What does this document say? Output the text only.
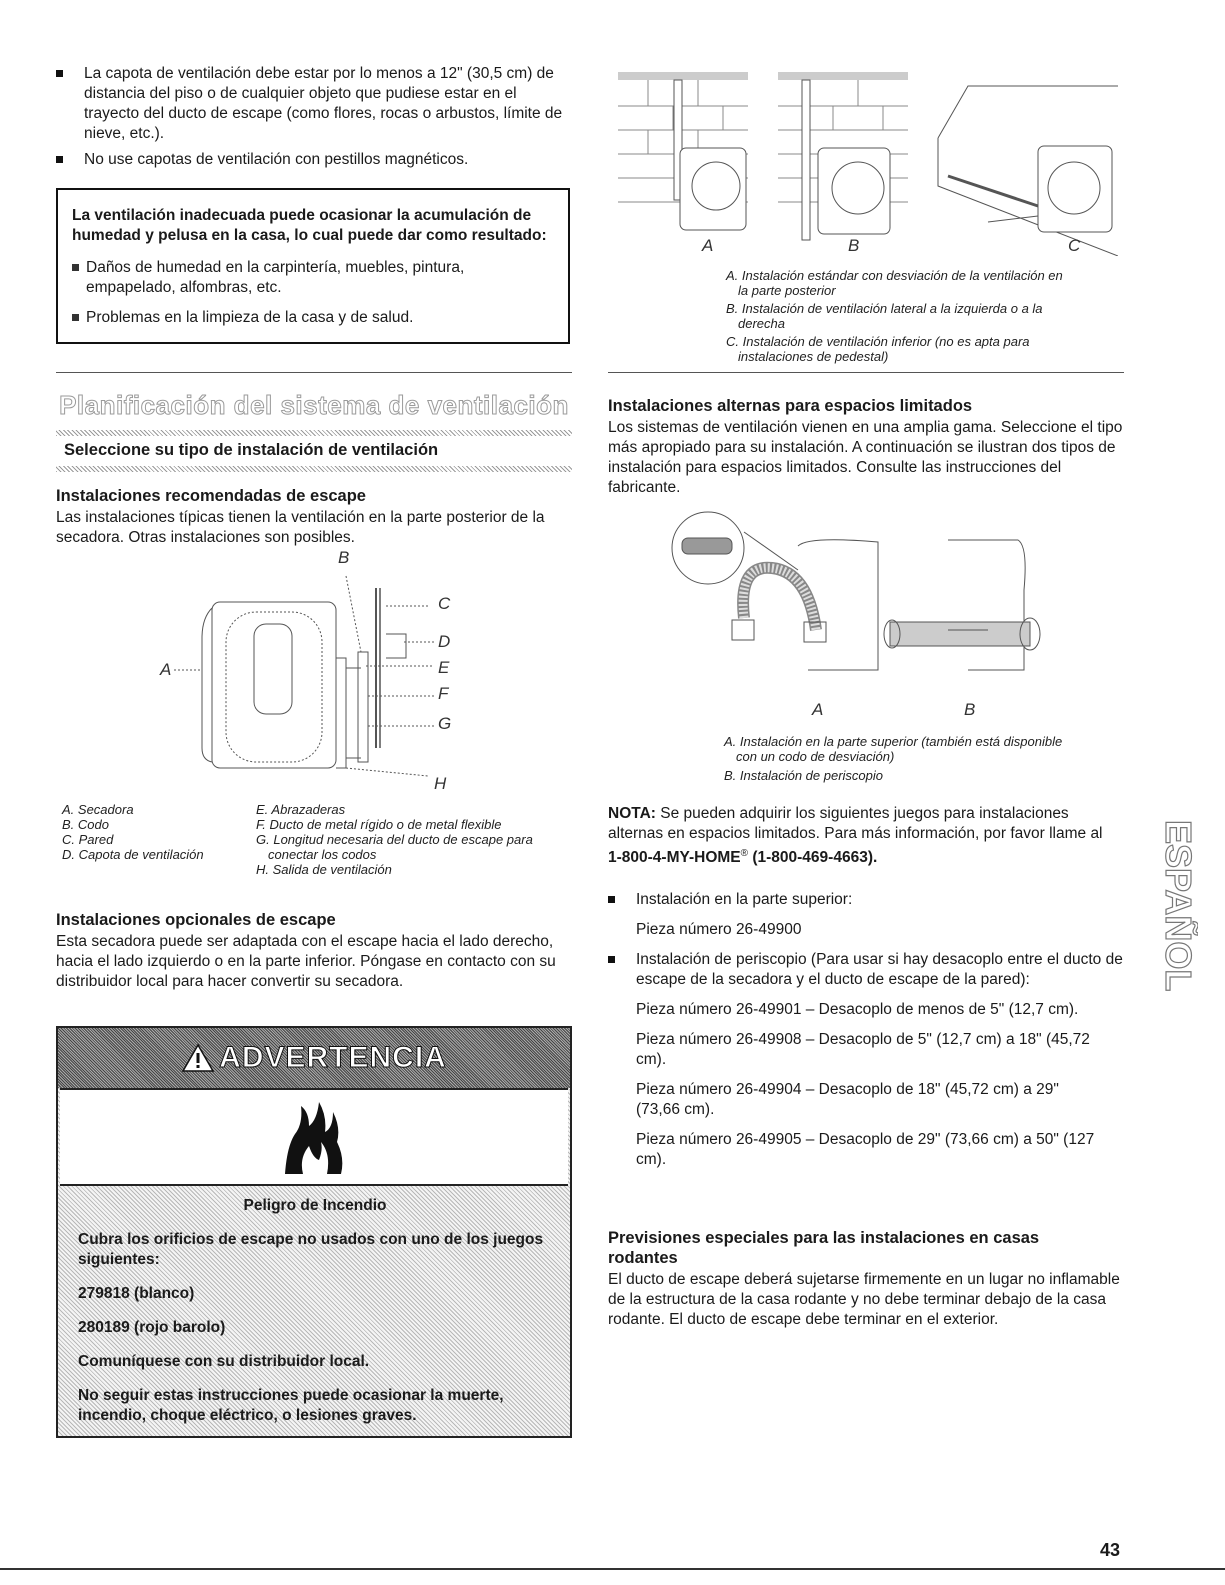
La capota de ventilación debe estar por lo menos a 12" (30,5 cm) de distancia del piso o de cualquier objeto que pudiese estar en el trayecto del ducto de escape (como flores, rocas o arbustos, límite de nieve, etc.).
No use capotas de ventilación con pestillos magnéticos.

La ventilación inadecuada puede ocasionar la acumulación de humedad y pelusa en la casa, lo cual puede dar como resultado:

Daños de humedad en la carpintería, muebles, pintura, empapelado, alfombras, etc.
Problemas en la limpieza de la casa y de salud.
Planificación del sistema de ventilación
Seleccione su tipo de instalación de ventilación
Instalaciones recomendadas de escape

Las instalaciones típicas tienen la ventilación en la parte posterior de la secadora. Otras instalaciones son posibles.

A
B
C
D
E
F
G
H
A. Secadora
B. Codo
C. Pared
D. Capota de ventilación
E. Abrazaderas
F. Ducto de metal rígido o de metal flexible
G. Longitud necesaria del ducto de escape para conectar los codos
H. Salida de ventilación
Instalaciones opcionales de escape

Esta secadora puede ser adaptada con el escape hacia el lado derecho, hacia el lado izquierdo o en la parte inferior. Póngase en contacto con su distribuidor local para hacer convertir su secadora.

ADVERTENCIA

Peligro de Incendio

Cubra los orificios de escape no usados con uno de los juegos siguientes:

279818 (blanco)

280189 (rojo barolo)

Comuníquese con su distribuidor local.

No seguir estas instrucciones puede ocasionar la muerte, incendio, choque eléctrico, o lesiones graves.

A	B	C
A. Instalación estándar con desviación de la ventilación en la parte posterior
B. Instalación de ventilación lateral a la izquierda o a la derecha
C. Instalación de ventilación inferior (no es apta para instalaciones de pedestal)
Instalaciones alternas para espacios limitados

Los sistemas de ventilación vienen en una amplia gama. Seleccione el tipo más apropiado para su instalación. A continuación se ilustran dos tipos de instalación para espacios limitados. Consulte las instrucciones del fabricante.

A	B
A. Instalación en la parte superior (también está disponible con un codo de desviación)
B. Instalación de periscopio

NOTA: Se pueden adquirir los siguientes juegos para instalaciones alternas en espacios limitados. Para más información, por favor llame al 1-800-4-MY-HOME® (1-800-469-4663).

Instalación en la parte superior:
Pieza número 26-49900
Instalación de periscopio (Para usar si hay desacoplo entre el ducto de escape de la secadora y el ducto de escape de la pared):
Pieza número 26-49901 – Desacoplo de menos de 5" (12,7 cm).
Pieza número 26-49908 – Desacoplo de 5" (12,7 cm) a 18" (45,72 cm).
Pieza número 26-49904 – Desacoplo de 18" (45,72 cm) a 29" (73,66 cm).
Pieza número 26-49905 – Desacoplo de 29" (73,66 cm) a 50" (127 cm).
Previsiones especiales para las instalaciones en casas rodantes

El ducto de escape deberá sujetarse firmemente en un lugar no inflamable de la estructura de la casa rodante y no debe terminar debajo de la casa rodante. El ducto de escape debe terminar en el exterior.

ESPAÑOL
43
